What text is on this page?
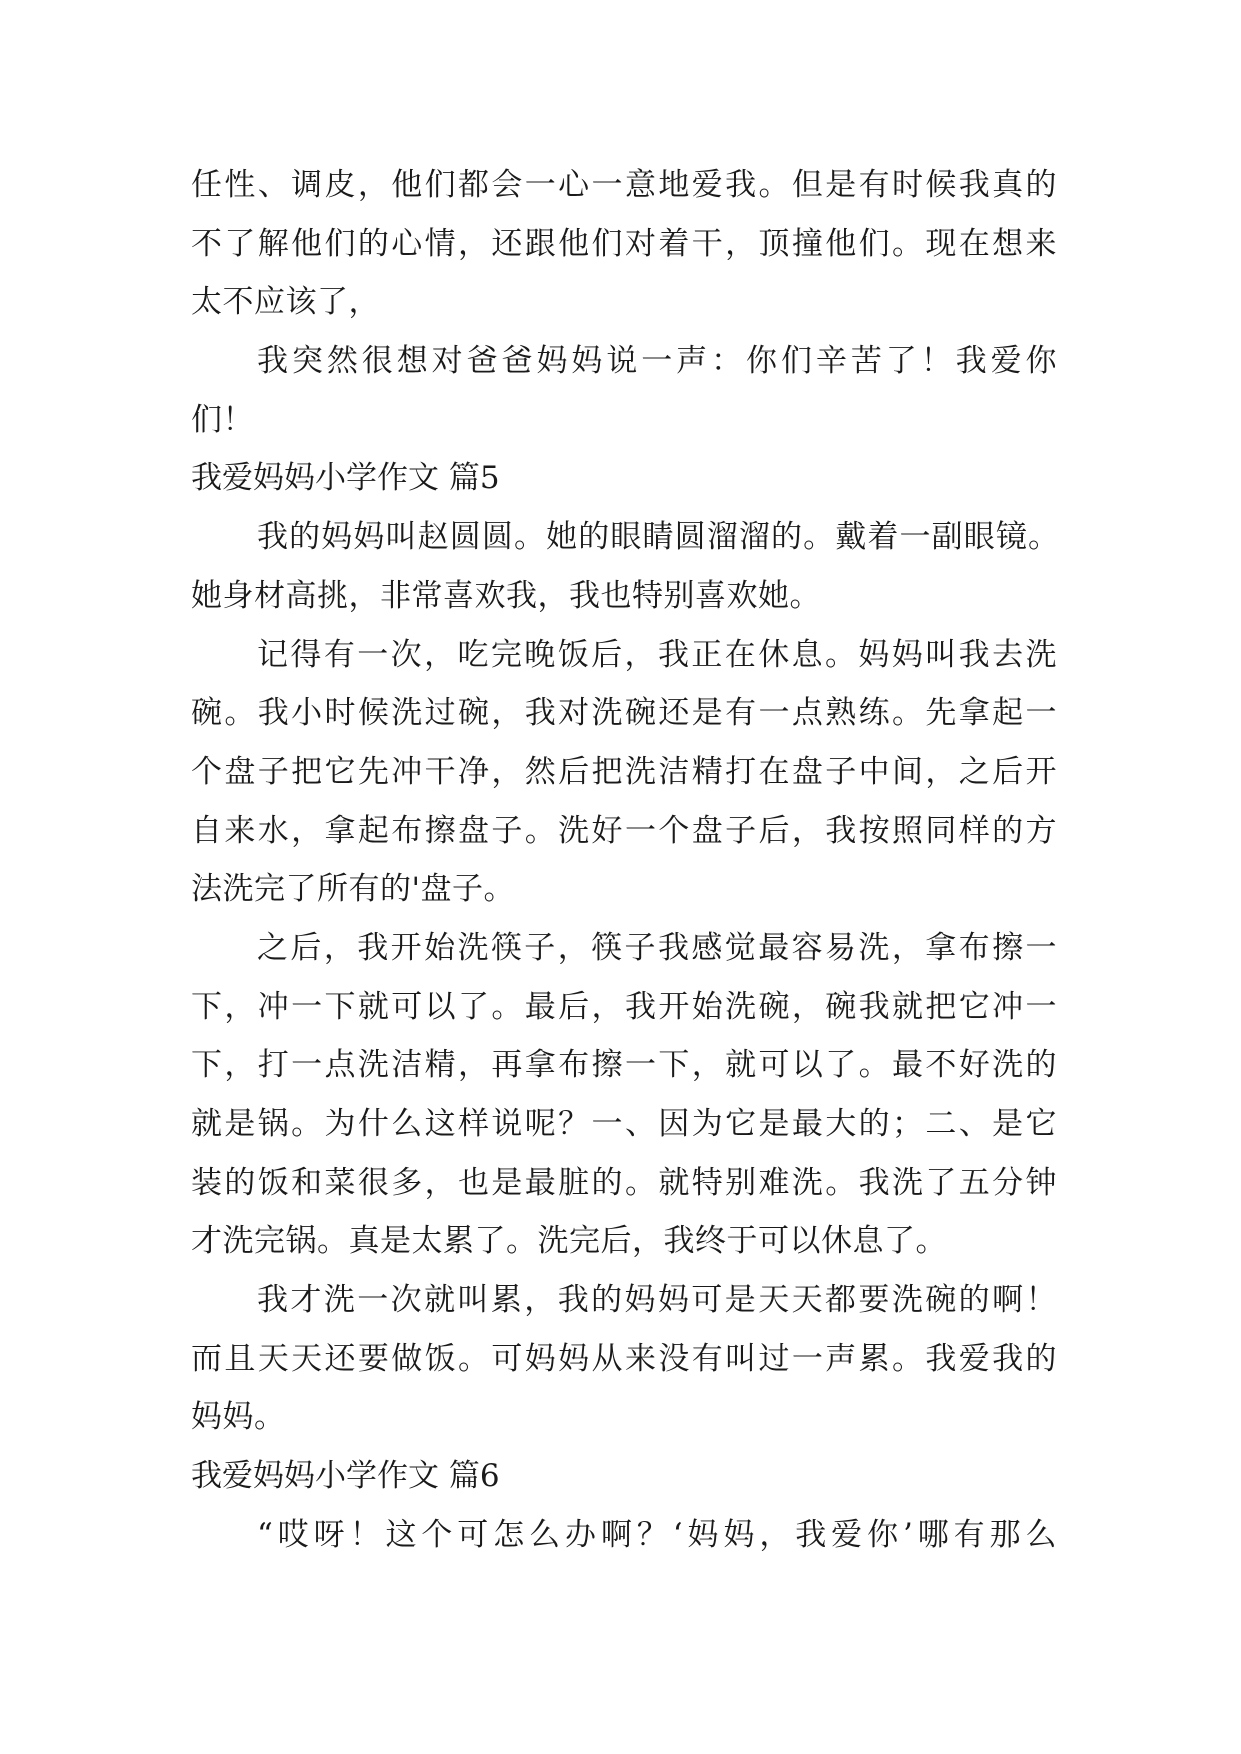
任性、调皮，他们都会一心一意地爱我。但是有时候我真的
不了解他们的心情，还跟他们对着干，顶撞他们。现在想来
太不应该了，
我突然很想对爸爸妈妈说一声：你们辛苦了！我爱你
们！
我爱妈妈小学作文 篇5
我的妈妈叫赵圆圆。她的眼睛圆溜溜的。戴着一副眼镜。
她身材高挑，非常喜欢我，我也特别喜欢她。
记得有一次，吃完晚饭后，我正在休息。妈妈叫我去洗
碗。我小时候洗过碗，我对洗碗还是有一点熟练。先拿起一
个盘子把它先冲干净，然后把洗洁精打在盘子中间，之后开
自来水，拿起布擦盘子。洗好一个盘子后，我按照同样的方
法洗完了所有的'盘子。
之后，我开始洗筷子，筷子我感觉最容易洗，拿布擦一
下，冲一下就可以了。最后，我开始洗碗，碗我就把它冲一
下，打一点洗洁精，再拿布擦一下，就可以了。最不好洗的
就是锅。为什么这样说呢？一、因为它是最大的；二、是它
装的饭和菜很多，也是最脏的。就特别难洗。我洗了五分钟
才洗完锅。真是太累了。洗完后，我终于可以休息了。
我才洗一次就叫累，我的妈妈可是天天都要洗碗的啊！
而且天天还要做饭。可妈妈从来没有叫过一声累。我爱我的
妈妈。
我爱妈妈小学作文 篇6
“哎呀！这个可怎么办啊？‘妈妈，我爱你’哪有那么
